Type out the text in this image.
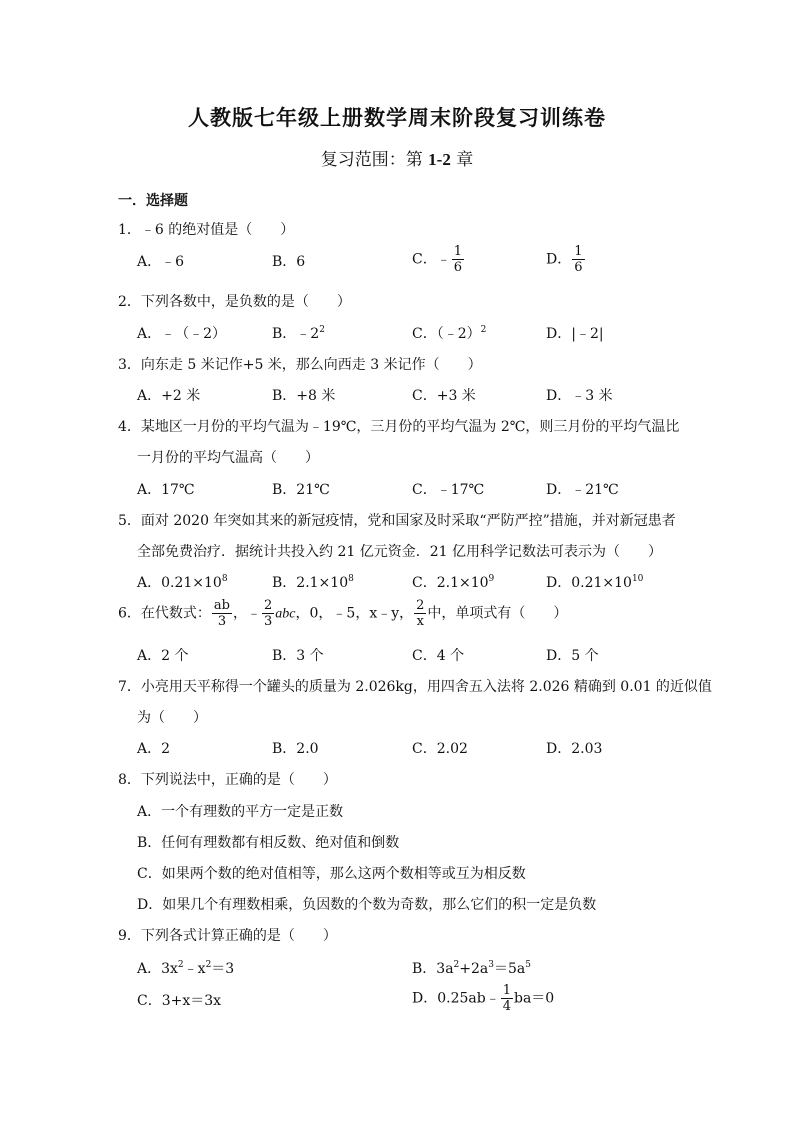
人教版七年级上册数学周末阶段复习训练卷
复习范围：第 1-2 章
一．选择题
1．﹣6 的绝对值是（　　）
A．﹣6	B．6	C．﹣ $\frac{1}{6}$	D． $\frac{1}{6}$
2．下列各数中，是负数的是（　　）
A．﹣（﹣2）	B．$﹣2^2$	C．（﹣2）$^2$	D．|﹣2|
3．向东走 5 米记作+5 米，那么向西走 3 米记作（　　）
A．+2 米	B．+8 米	C．+3 米	D．﹣3 米
4．某地区一月份的平均气温为﹣19℃，三月份的平均气温为 2℃，则三月份的平均气温比
一月份的平均气温高（　　）
A．17℃	B．21℃	C．﹣17℃	D．﹣21℃
5．面对 2020 年突如其来的新冠疫情，党和国家及时采取“严防严控”措施，并对新冠患者
全部免费治疗．据统计共投入约 21 亿元资金．21 亿用科学记数法可表示为（　　）
A．$0.21\times 10^8$	B．$2.1\times 10^8$	C．$2.1\times 10^9$	D．$0.21\times 10^{10}$
6．在代数式： $\frac{ab}{3}$ ，﹣ $\frac{2}{3}$ abc，0，﹣5，x﹣y， $\frac{2}{x}$ 中，单项式有（　　）
A．2 个	B．3 个	C．4 个	D．5 个
7．小亮用天平称得一个罐头的质量为 2.026kg，用四舍五入法将 2.026 精确到 0.01 的近似值
为（　　）
A．2	B．2.0	C．2.02	D．2.03
8．下列说法中，正确的是（　　）
A．一个有理数的平方一定是正数
B．任何有理数都有相反数、绝对值和倒数
C．如果两个数的绝对值相等，那么这两个数相等或互为相反数
D．如果几个有理数相乘，负因数的个数为奇数，那么它们的积一定是负数
9．下列各式计算正确的是（　　）
A．$3x^2﹣x^2=3$	B．$3a^2+2a^3=5a^5$
C．3+x＝3x	D．0.25ab﹣ $\frac{1}{4} ba=0$
